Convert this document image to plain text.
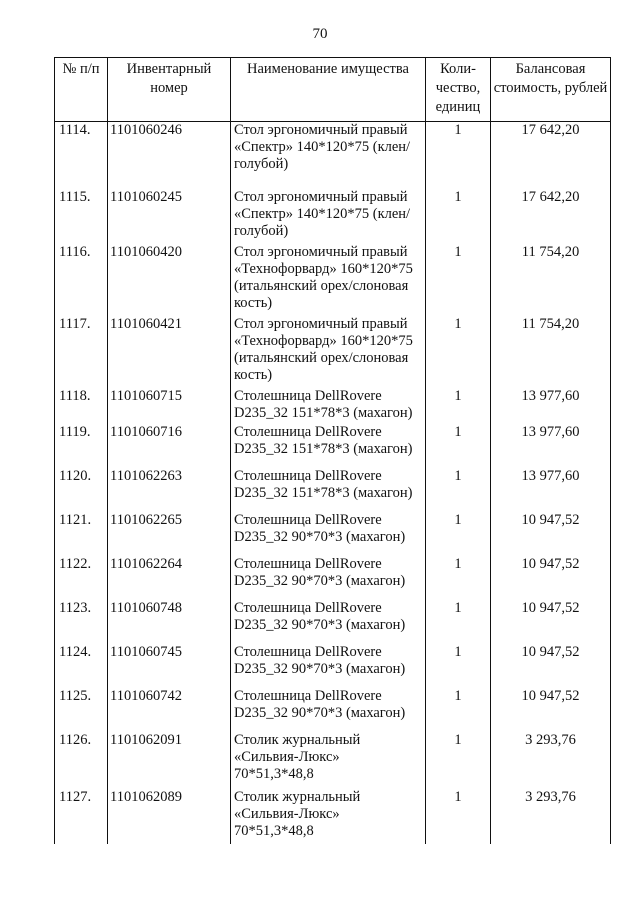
70
№ п/п	Инвентарный номер	Наименование имущества	Коли-чество, единиц	Балансовая стоимость, рублей
1114.	1101060246	Стол эргономичный правый «Спектр» 140*120*75 (клен/голубой)	1	17 642,20
1115.	1101060245	Стол эргономичный правый «Спектр» 140*120*75 (клен/голубой)	1	17 642,20
1116.	1101060420	Стол эргономичный правый «Технофорвард» 160*120*75 (итальянский орех/слоновая кость)	1	11 754,20
1117.	1101060421	Стол эргономичный правый «Технофорвард» 160*120*75 (итальянский орех/слоновая кость)	1	11 754,20
1118.	1101060715	Столешница DellRovere D235_32 151*78*3 (махагон)	1	13 977,60
1119.	1101060716	Столешница DellRovere D235_32 151*78*3 (махагон)	1	13 977,60
1120.	1101062263	Столешница DellRovere D235_32 151*78*3 (махагон)	1	13 977,60
1121.	1101062265	Столешница DellRovere D235_32 90*70*3 (махагон)	1	10 947,52
1122.	1101062264	Столешница DellRovere D235_32 90*70*3 (махагон)	1	10 947,52
1123.	1101060748	Столешница DellRovere D235_32 90*70*3 (махагон)	1	10 947,52
1124.	1101060745	Столешница DellRovere D235_32 90*70*3 (махагон)	1	10 947,52
1125.	1101060742	Столешница DellRovere D235_32 90*70*3 (махагон)	1	10 947,52
1126.	1101062091	Столик журнальный «Сильвия-Люкс» 70*51,3*48,8	1	3 293,76
1127.	1101062089	Столик журнальный «Сильвия-Люкс» 70*51,3*48,8	1	3 293,76
